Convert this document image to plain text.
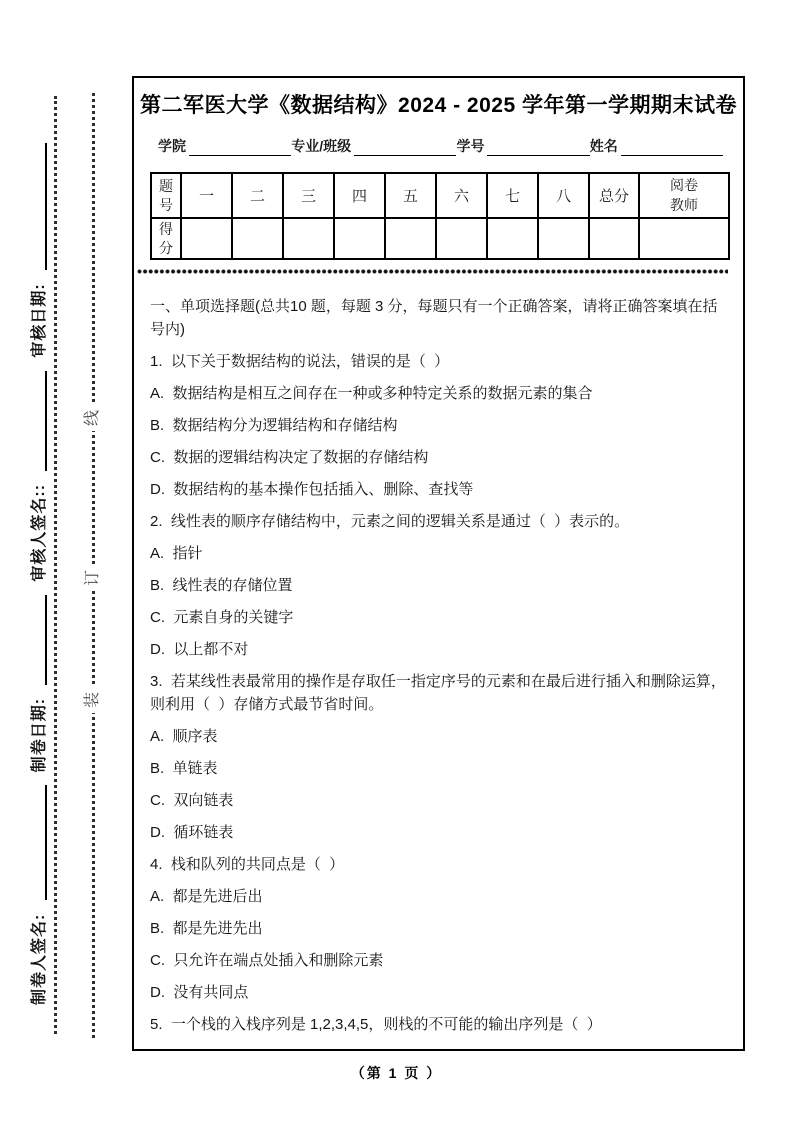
制卷人签名:
制卷日期:
审核人签名::
审核日期:
线
订
装
第二军医大学《数据结构》2024 - 2025 学年第一学期期末试卷
学院	专业/班级	学号	姓名
题号	一	二	三	四	五	六	七	八	总分	阅卷教师
得分										

一、单项选择题(总共10 题，每题 3 分，每题只有一个正确答案，请将正确答案填在括号内)

1.  以下关于数据结构的说法，错误的是（  ）

A.  数据结构是相互之间存在一种或多种特定关系的数据元素的集合

B.  数据结构分为逻辑结构和存储结构

C.  数据的逻辑结构决定了数据的存储结构

D.  数据结构的基本操作包括插入、删除、查找等

2.  线性表的顺序存储结构中，元素之间的逻辑关系是通过（  ）表示的。

A.  指针

B.  线性表的存储位置

C.  元素自身的关键字

D.  以上都不对

3.  若某线性表最常用的操作是存取任一指定序号的元素和在最后进行插入和删除运算，则利用（  ）存储方式最节省时间。

A.  顺序表

B.  单链表

C.  双向链表

D.  循环链表

4.  栈和队列的共同点是（  ）

A.  都是先进后出

B.  都是先进先出

C.  只允许在端点处插入和删除元素

D.  没有共同点

5.  一个栈的入栈序列是 1,2,3,4,5，则栈的不可能的输出序列是（  ）

（第 1 页 ）
